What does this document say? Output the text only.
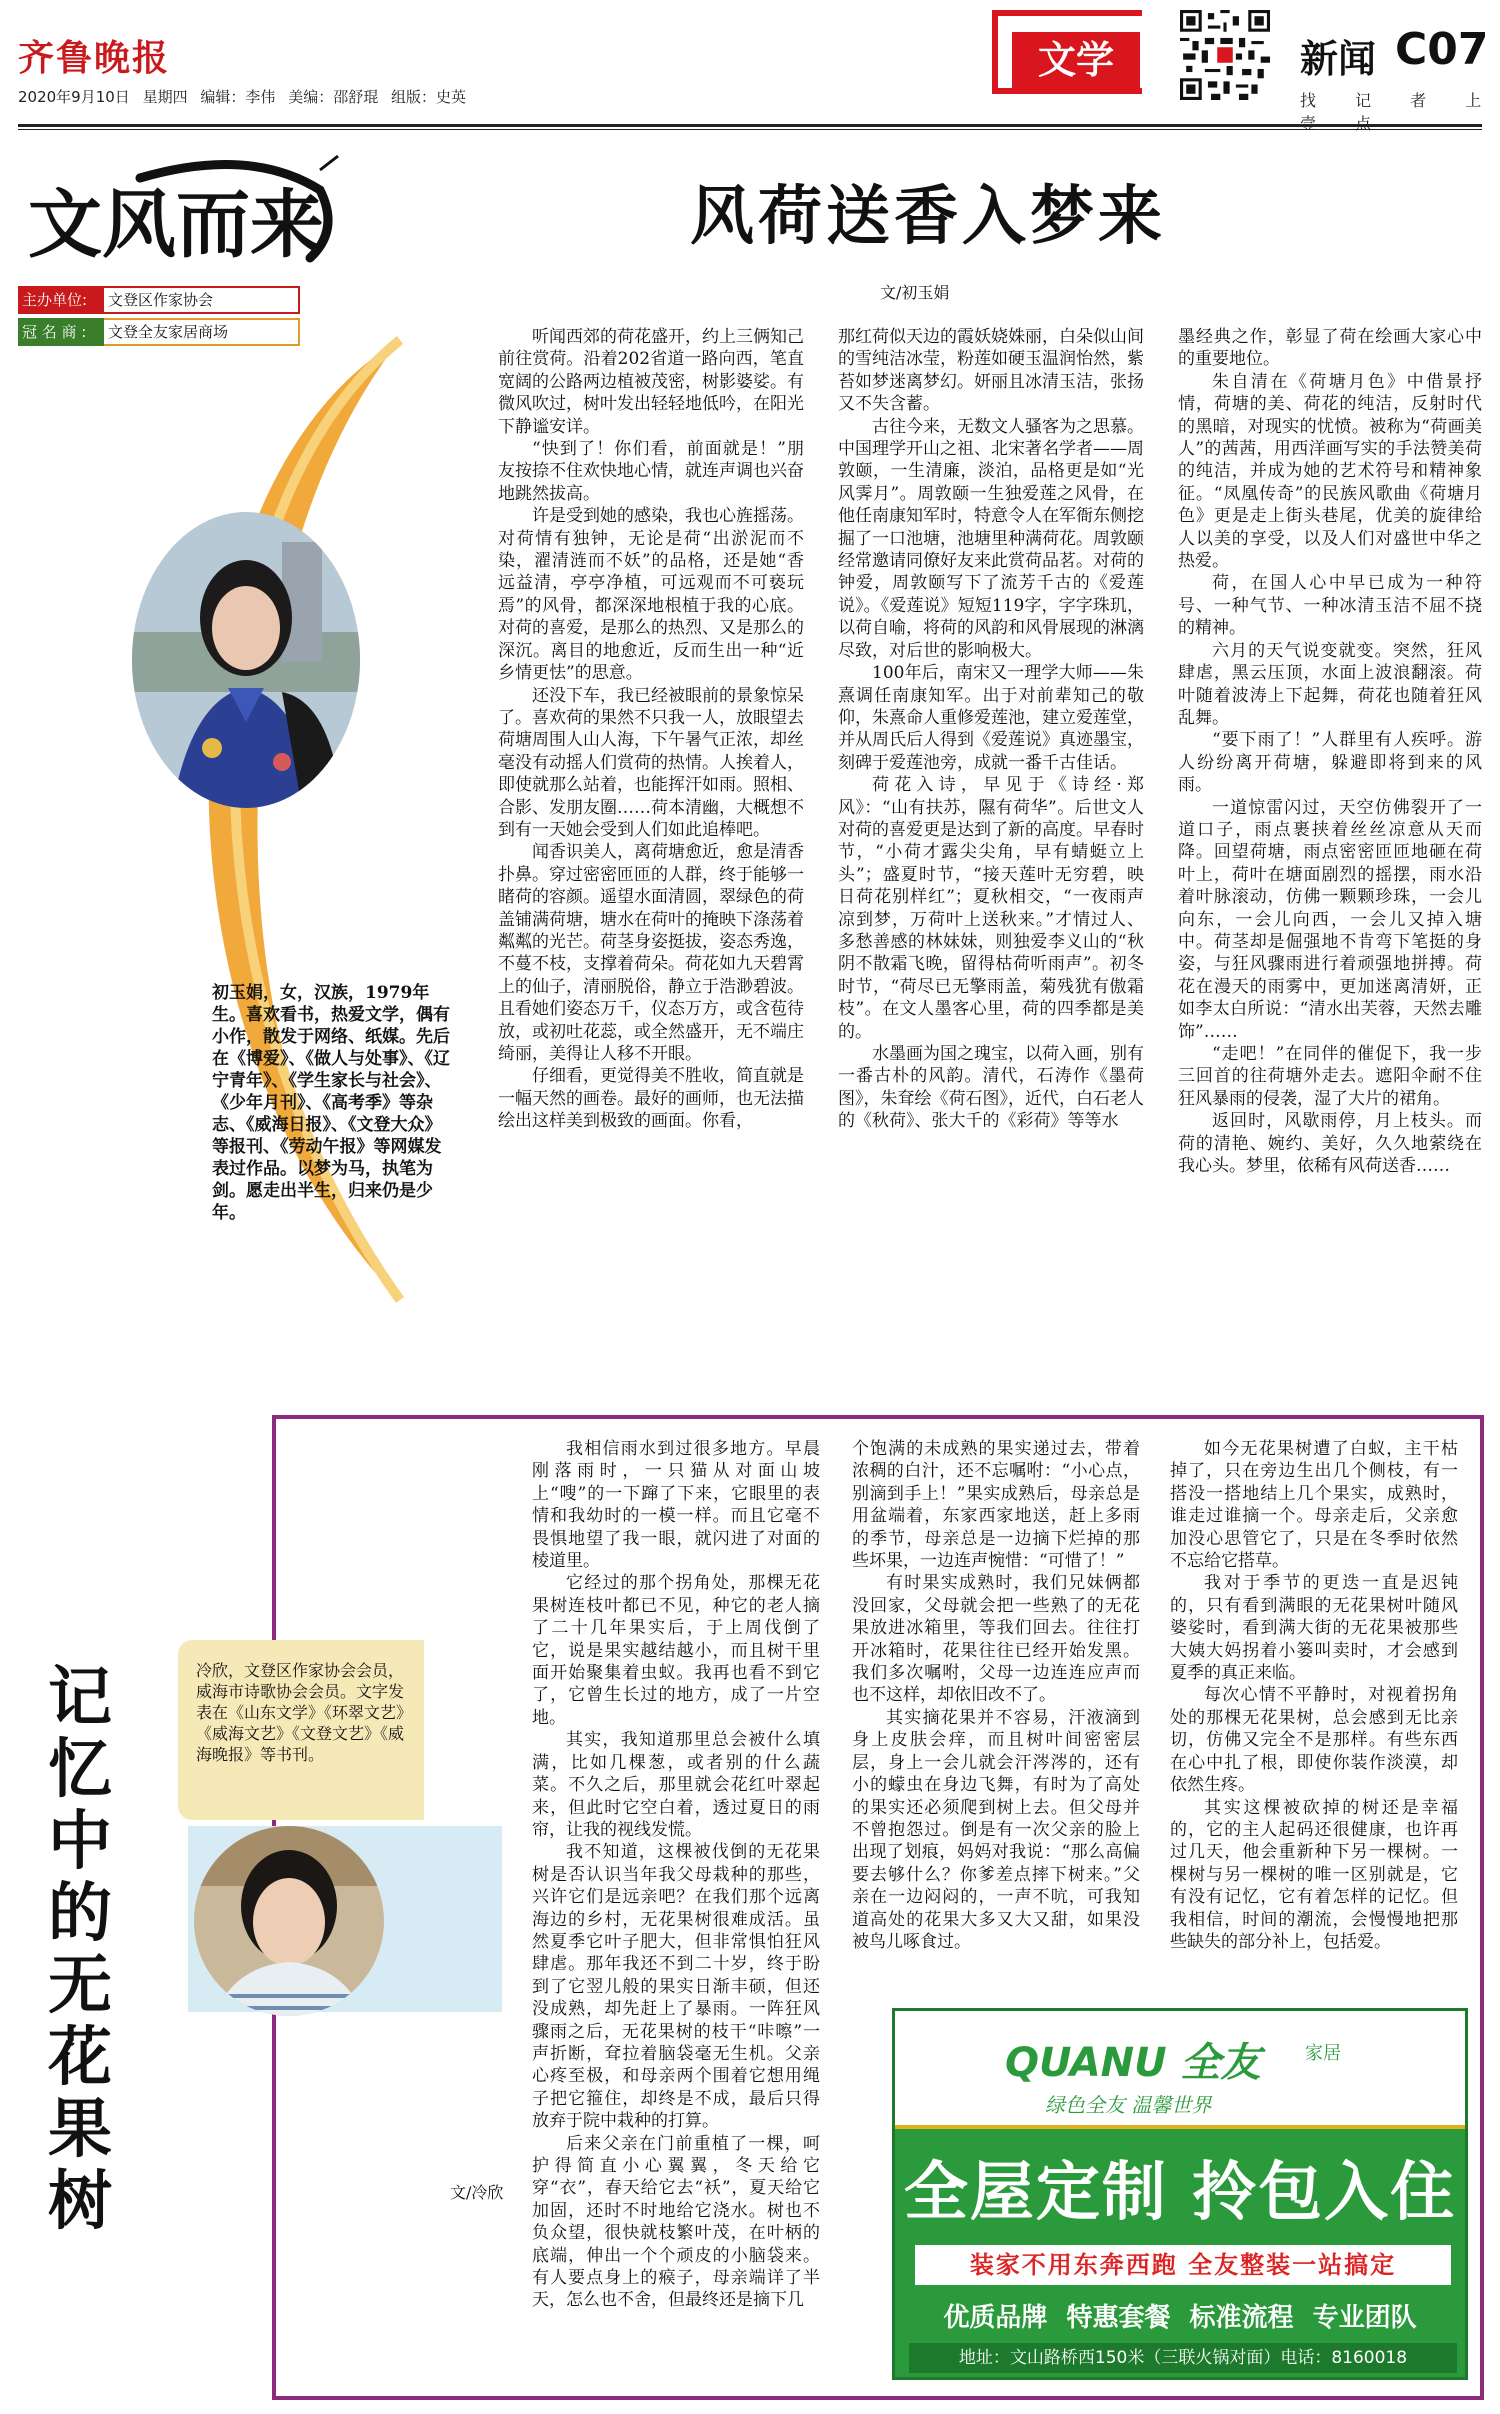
齐鲁晚报
2020年9月10日 星期四 编辑：李伟 美编：邵舒琨 组版：史英
文学	新闻 C07
找 记 者 上
文风而来
主办单位:	文登区作家协会
冠 名 商 :	文登全友家居商场
风荷送香入梦来
文/初玉娟
初玉娟，女，汉族，1979年生。喜欢看书，热爱文学，偶有小作，散发于网络、纸媒。先后在《博爱》、《做人与处事》、《辽宁青年》、《学生家长与社会》、《少年月刊》、《高考季》等杂志、《威海日报》、《文登大众》等报刊、《劳动午报》等网媒发表过作品。以梦为马，执笔为剑。愿走出半生，归来仍是少年。

听闻西郊的荷花盛开，约上三俩知己前往赏荷。沿着202省道一路向西，笔直宽阔的公路两边植被茂密，树影婆娑。有微风吹过，树叶发出轻轻地低吟，在阳光下静谧安详。

“快到了！你们看，前面就是！”朋友按捺不住欢快地心情，就连声调也兴奋地跳然拔高。

许是受到她的感染，我也心旌摇荡。对荷情有独钟，无论是荷“出淤泥而不染，濯清涟而不妖”的品格，还是她“香远益清，亭亭净植，可远观而不可亵玩焉”的风骨，都深深地根植于我的心底。对荷的喜爱，是那么的热烈、又是那么的深沉。离目的地愈近，反而生出一种“近乡情更怯”的思意。

还没下车，我已经被眼前的景象惊呆了。喜欢荷的果然不只我一人，放眼望去荷塘周围人山人海，下午暑气正浓，却丝毫没有动摇人们赏荷的热情。人挨着人，即使就那么站着，也能挥汗如雨。照相、合影、发朋友圈……荷本清幽，大概想不到有一天她会受到人们如此追棒吧。

闻香识美人，离荷塘愈近，愈是清香扑鼻。穿过密密匝匝的人群，终于能够一睹荷的容颜。遥望水面清圆，翠绿色的荷盖铺满荷塘，塘水在荷叶的掩映下涤荡着粼粼的光芒。荷茎身姿挺拔，姿态秀逸，不蔓不枝，支撑着荷朵。荷花如九天碧霄上的仙子，清丽脱俗，静立于浩渺碧波。且看她们姿态万千，仪态万方，或含苞待放，或初吐花蕊，或全然盛开，无不端庄绮丽，美得让人移不开眼。

仔细看，更觉得美不胜收，简直就是一幅天然的画卷。最好的画师，也无法描绘出这样美到极致的画面。你看，

那红荷似天边的霞妖娆姝丽，白朵似山间的雪纯洁冰莹，粉莲如硬玉温润怡然，紫苔如梦迷离梦幻。妍丽且冰清玉洁，张扬又不失含蓄。

古往今来，无数文人骚客为之思慕。中国理学开山之祖、北宋著名学者——周敦颐，一生清廉，淡泊，品格更是如“光风霁月”。周敦颐一生独爱莲之风骨，在他任南康知军时，特意令人在军衙东侧挖掘了一口池塘，池塘里种满荷花。周敦颐经常邀请同僚好友来此赏荷品茗。对荷的钟爱，周敦颐写下了流芳千古的《爱莲说》。《爱莲说》短短119字，字字珠玑，以荷自喻，将荷的风韵和风骨展现的淋漓尽致，对后世的影响极大。

100年后，南宋又一理学大师——朱熹调任南康知军。出于对前辈知己的敬仰，朱熹命人重修爱莲池，建立爱莲堂，并从周氏后人得到《爱莲说》真迹墨宝，刻碑于爱莲池旁，成就一番千古佳话。

荷花入诗，早见于《诗经·郑风》：“山有扶苏，隰有荷华”。后世文人对荷的喜爱更是达到了新的高度。早春时节，“小荷才露尖尖角，早有蜻蜓立上头”；盛夏时节，“接天莲叶无穷碧，映日荷花别样红”；夏秋相交，“一夜雨声凉到梦，万荷叶上送秋来。”才情过人、多愁善感的林妹妹，则独爱李义山的“秋阴不散霜飞晚，留得枯荷听雨声”。初冬时节，“荷尽已无擎雨盖，菊残犹有傲霜枝”。在文人墨客心里，荷的四季都是美的。

水墨画为国之瑰宝，以荷入画，别有一番古朴的风韵。清代，石涛作《墨荷图》，朱耷绘《荷石图》，近代，白石老人的《秋荷》、张大千的《彩荷》等等水

墨经典之作，彰显了荷在绘画大家心中的重要地位。

朱自清在《荷塘月色》中借景抒情，荷塘的美、荷花的纯洁，反射时代的黑暗，对现实的忧愤。被称为“荷画美人”的茜茜，用西洋画写实的手法赞美荷的纯洁，并成为她的艺术符号和精神象征。“凤凰传奇”的民族风歌曲《荷塘月色》更是走上街头巷尾，优美的旋律给人以美的享受，以及人们对盛世中华之热爱。

荷，在国人心中早已成为一种符号、一种气节、一种冰清玉洁不屈不挠的精神。

六月的天气说变就变。突然，狂风肆虐，黑云压顶，水面上波浪翻滚。荷叶随着波涛上下起舞，荷花也随着狂风乱舞。

“要下雨了！”人群里有人疾呼。游人纷纷离开荷塘，躲避即将到来的风雨。

一道惊雷闪过，天空仿佛裂开了一道口子，雨点裹挟着丝丝凉意从天而降。回望荷塘，雨点密密匝匝地砸在荷叶上，荷叶在塘面剧烈的摇摆，雨水沿着叶脉滚动，仿佛一颗颗珍珠，一会儿向东，一会儿向西，一会儿又掉入塘中。荷茎却是倔强地不肯弯下笔挺的身姿，与狂风骤雨进行着顽强地拼搏。荷花在漫天的雨雾中，更加迷离清妍，正如李太白所说：“清水出芙蓉，天然去雕饰”……

“走吧！”在同伴的催促下，我一步三回首的往荷塘外走去。遮阳伞耐不住狂风暴雨的侵袭，湿了大片的裙角。

返回时，风歇雨停，月上枝头。而荷的清艳、婉约、美好，久久地萦绕在我心头。梦里，依稀有风荷送香……

记忆中的无花果树
冷欣，文登区作家协会会员，威海市诗歌协会会员。文字发表在《山东文学》《环翠文艺》《威海文艺》《文登文艺》《威海晚报》等书刊。
文/冷欣

我相信雨水到过很多地方。早晨刚落雨时，一只猫从对面山坡上“嗖”的一下蹿了下来，它眼里的表情和我幼时的一模一样。而且它毫不畏惧地望了我一眼，就闪进了对面的棱道里。

它经过的那个拐角处，那棵无花果树连枝叶都已不见，种它的老人摘了二十几年果实后，于上周伐倒了它，说是果实越结越小，而且树干里面开始聚集着虫蚁。我再也看不到它了，它曾生长过的地方，成了一片空地。

其实，我知道那里总会被什么填满，比如几棵葱，或者别的什么蔬菜。不久之后，那里就会花红叶翠起来，但此时它空白着，透过夏日的雨帘，让我的视线发慌。

我不知道，这棵被伐倒的无花果树是否认识当年我父母栽种的那些，兴许它们是远亲吧？在我们那个远离海边的乡村，无花果树很难成活。虽然夏季它叶子肥大，但非常惧怕狂风肆虐。那年我还不到二十岁，终于盼到了它翌儿般的果实日渐丰硕，但还没成熟，却先赶上了暴雨。一阵狂风骤雨之后，无花果树的枝干“咔嚓”一声折断，耷拉着脑袋毫无生机。父亲心疼至极，和母亲两个围着它想用绳子把它箍住，却终是不成，最后只得放弃于院中栽种的打算。

后来父亲在门前重植了一棵，呵护得简直小心翼翼，冬天给它穿“衣”，春天给它去“袄”，夏天给它加固，还时不时地给它浇水。树也不负众望，很快就枝繁叶茂，在叶柄的底端，伸出一个个顽皮的小脑袋来。有人要点身上的瘊子，母亲端详了半天，怎么也不舍，但最终还是摘下几

个饱满的未成熟的果实递过去，带着浓稠的白汁，还不忘嘱咐：“小心点，别滴到手上！”果实成熟后，母亲总是用盆端着，东家西家地送，赶上多雨的季节，母亲总是一边摘下烂掉的那些坏果，一边连声惋惜：“可惜了！”

有时果实成熟时，我们兄妹俩都没回家，父母就会把一些熟了的无花果放进冰箱里，等我们回去。往往打开冰箱时，花果往往已经开始发黑。我们多次嘱咐，父母一边连连应声而也不这样，却依旧改不了。

其实摘花果并不容易，汗液滴到身上皮肤会痒，而且树叶间密密层层，身上一会儿就会汗涔涔的，还有小的蠓虫在身边飞舞，有时为了高处的果实还必须爬到树上去。但父母并不曾抱怨过。倒是有一次父亲的脸上出现了划痕，妈妈对我说：“那么高偏要去够什么？你爹差点摔下树来。”父亲在一边闷闷的，一声不吭，可我知道高处的花果大多又大又甜，如果没被鸟儿啄食过。

如今无花果树遭了白蚁，主干枯掉了，只在旁边生出几个侧枝，有一搭没一搭地结上几个果实，成熟时，谁走过谁摘一个。母亲走后，父亲愈加没心思管它了，只是在冬季时依然不忘给它搭草。

我对于季节的更迭一直是迟钝的，只有看到满眼的无花果树叶随风婆娑时，看到满大街的无花果被那些大姨大妈拐着小篓叫卖时，才会感到夏季的真正来临。

每次心情不平静时，对视着拐角处的那棵无花果树，总会感到无比亲切，仿佛又完全不是那样。有些东西在心中扎了根，即使你装作淡漠，却依然生疼。

其实这棵被砍掉的树还是幸福的，它的主人起码还很健康，也许再过几天，他会重新种下另一棵树。一棵树与另一棵树的唯一区别就是，它有没有记忆，它有着怎样的记忆。但我相信，时间的潮流，会慢慢地把那些缺失的部分补上，包括爱。

QUANU 全友 家居
绿色全友 温馨世界
全屋定制 拎包入住
装家不用东奔西跑 全友整装一站搞定
优质品牌 特惠套餐 标准流程 专业团队
地址：文山路桥西150米（三联火锅对面）电话：8160018
